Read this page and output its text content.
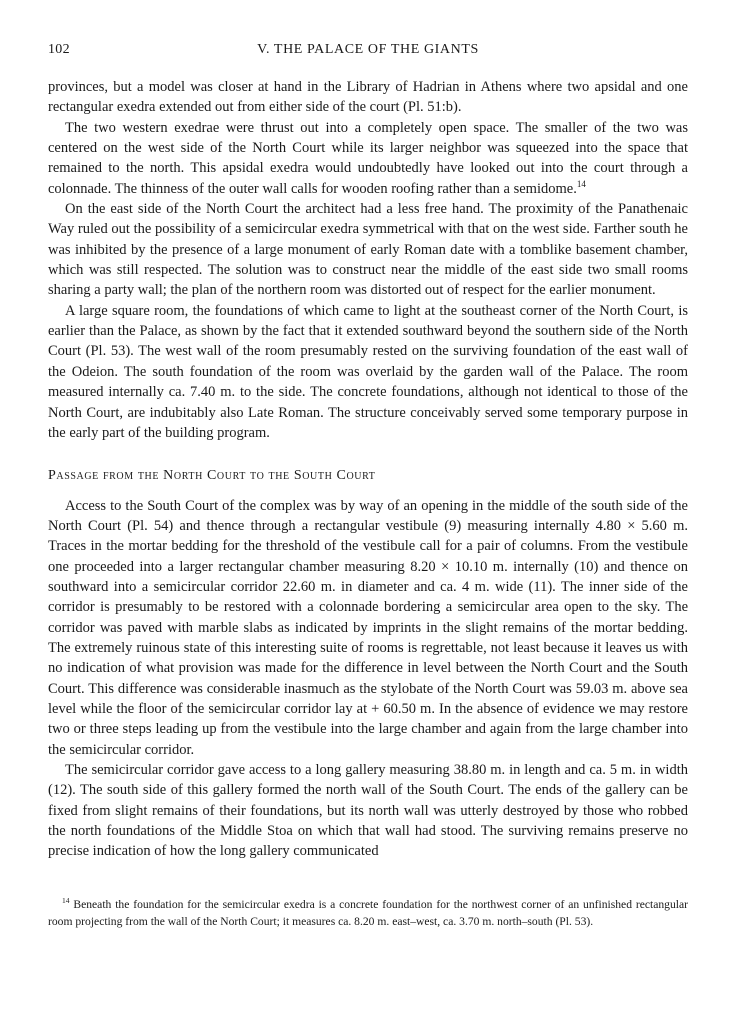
102	V. THE PALACE OF THE GIANTS

provinces, but a model was closer at hand in the Library of Hadrian in Athens where two apsidal and one rectangular exedra extended out from either side of the court (Pl. 51:b).

The two western exedrae were thrust out into a completely open space. The smaller of the two was centered on the west side of the North Court while its larger neighbor was squeezed into the space that remained to the north. This apsidal exedra would undoubtedly have looked out into the court through a colonnade. The thinness of the outer wall calls for wooden roofing rather than a semidome.$^{14}$

On the east side of the North Court the architect had a less free hand. The proximity of the Panathenaic Way ruled out the possibility of a semicircular exedra symmetrical with that on the west side. Farther south he was inhibited by the presence of a large monument of early Roman date with a tomblike basement chamber, which was still respected. The solution was to construct near the middle of the east side two small rooms sharing a party wall; the plan of the northern room was distorted out of respect for the earlier monument.

A large square room, the foundations of which came to light at the southeast corner of the North Court, is earlier than the Palace, as shown by the fact that it extended southward beyond the southern side of the North Court (Pl. 53). The west wall of the room presumably rested on the surviving foundation of the east wall of the Odeion. The south foundation of the room was overlaid by the garden wall of the Palace. The room measured internally ca. 7.40 m. to the side. The concrete foundations, although not identical to those of the North Court, are indubitably also Late Roman. The structure conceivably served some temporary purpose in the early part of the building program.

Passage from the North Court to the South Court

Access to the South Court of the complex was by way of an opening in the middle of the south side of the North Court (Pl. 54) and thence through a rectangular vestibule (9) measuring internally 4.80 × 5.60 m. Traces in the mortar bedding for the threshold of the vestibule call for a pair of columns. From the vestibule one proceeded into a larger rectangular chamber measuring 8.20 × 10.10 m. internally (10) and thence on southward into a semicircular corridor 22.60 m. in diameter and ca. 4 m. wide (11). The inner side of the corridor is presumably to be restored with a colonnade bordering a semicircular area open to the sky. The corridor was paved with marble slabs as indicated by imprints in the slight remains of the mortar bedding. The extremely ruinous state of this interesting suite of rooms is regrettable, not least because it leaves us with no indication of what provision was made for the difference in level between the North Court and the South Court. This difference was considerable inasmuch as the stylobate of the North Court was 59.03 m. above sea level while the floor of the semicircular corridor lay at + 60.50 m. In the absence of evidence we may restore two or three steps leading up from the vestibule into the large chamber and again from the large chamber into the semicircular corridor.

The semicircular corridor gave access to a long gallery measuring 38.80 m. in length and ca. 5 m. in width (12). The south side of this gallery formed the north wall of the South Court. The ends of the gallery can be fixed from slight remains of their foundations, but its north wall was utterly destroyed by those who robbed the north foundations of the Middle Stoa on which that wall had stood. The surviving remains preserve no precise indication of how the long gallery communicated

$^{14}$ Beneath the foundation for the semicircular exedra is a concrete foundation for the northwest corner of an unfinished rectangular room projecting from the wall of the North Court; it measures ca. 8.20 m. east–west, ca. 3.70 m. north–south (Pl. 53).
